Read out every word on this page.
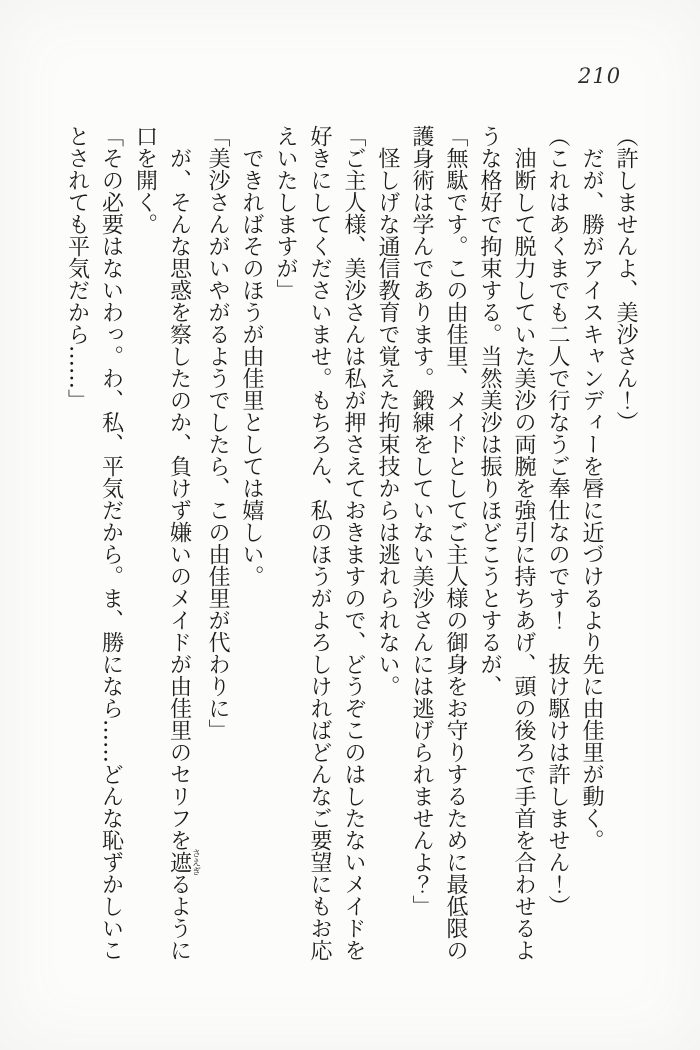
210

（許しませんよ、美沙さん！）

だが、勝がアイスキャンディーを唇に近づけるより先に由佳里が動く。

（これはあくまでも二人で行なうご奉仕なのです！　抜け駆けは許しません！）

油断して脱力していた美沙の両腕を強引に持ちあげ、頭の後ろで手首を合わせるような格好で拘束する。当然美沙は振りほどこうとするが、

「無駄です。この由佳里、メイドとしてご主人様の御身をお守りするために最低限の護身術は学んであります。鍛練をしていない美沙さんには逃げられませんよ？」

怪しげな通信教育で覚えた拘束技からは逃れられない。

「ご主人様、美沙さんは私が押さえておきますので、どうぞこのはしたないメイドを好きにしてくださいませ。もちろん、私のほうがよろしければどんなご要望にもお応えいたしますが」

できればそのほうが由佳里としては嬉しい。

「美沙さんがいやがるようでしたら、この由佳里が代わりに」

が、そんな思惑を察したのか、負けず嫌いのメイドが由佳里のセリフを遮さえぎるように口を開く。

「その必要はないわっ。わ、私、平気だから。ま、勝になら……どんな恥ずかしいことされても平気だから……」
